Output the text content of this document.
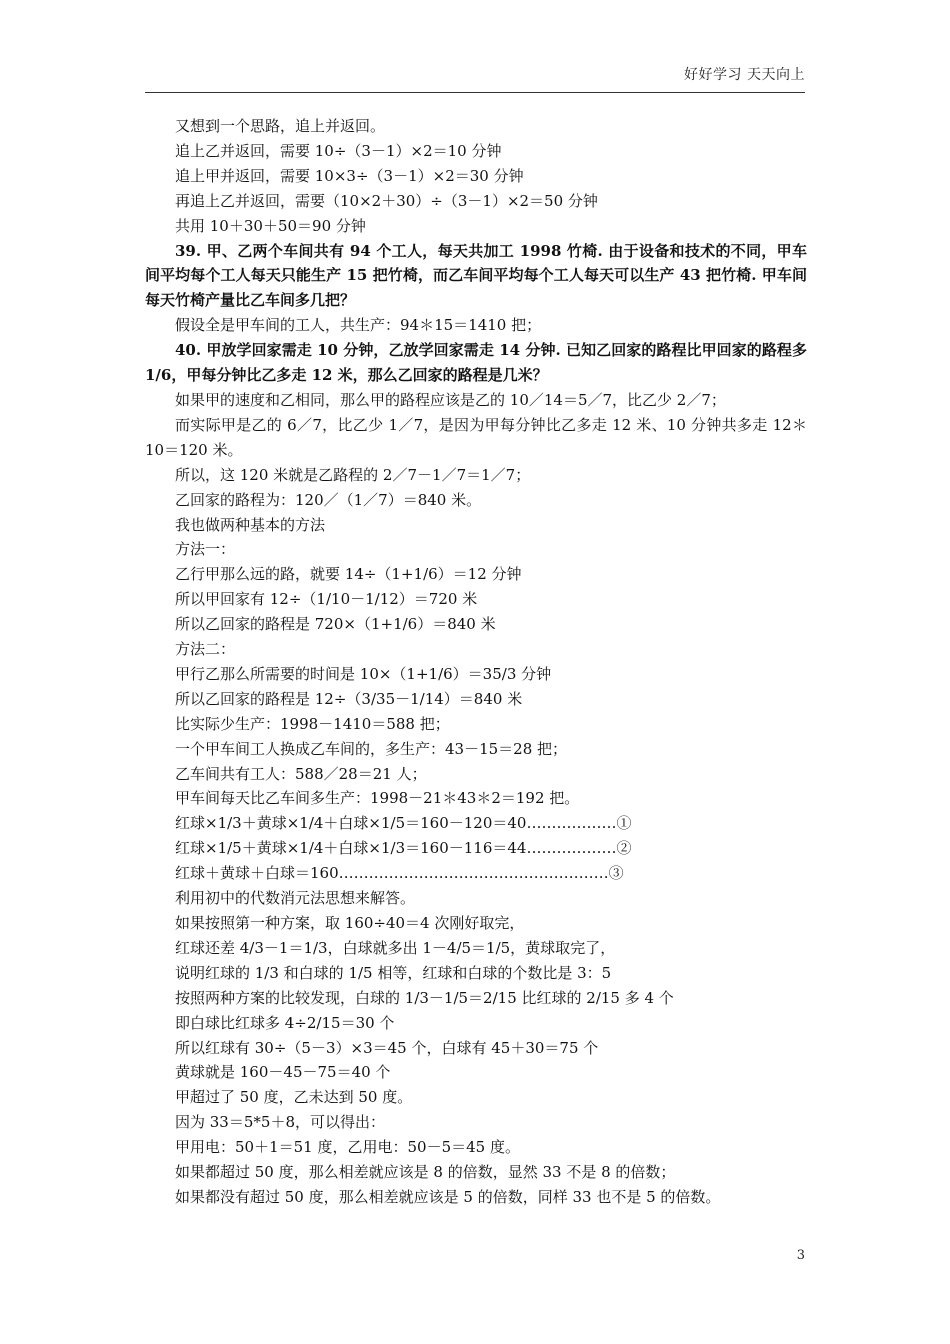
好好学习 天天向上
又想到一个思路，追上并返回。
追上乙并返回，需要 10÷（3－1）×2＝10 分钟
追上甲并返回，需要 10×3÷（3－1）×2＝30 分钟
再追上乙并返回，需要（10×2＋30）÷（3－1）×2＝50 分钟
共用 10＋30＋50＝90 分钟
39. 甲、乙两个车间共有 94 个工人，每天共加工 1998 竹椅. 由于设备和技术的不同，甲车间平均每个工人每天只能生产 15 把竹椅，而乙车间平均每个工人每天可以生产 43 把竹椅. 甲车间每天竹椅产量比乙车间多几把？
假设全是甲车间的工人，共生产：94＊15＝1410 把；
40. 甲放学回家需走 10 分钟，乙放学回家需走 14 分钟. 已知乙回家的路程比甲回家的路程多 1/6，甲每分钟比乙多走 12 米，那么乙回家的路程是几米？
如果甲的速度和乙相同，那么甲的路程应该是乙的 10／14＝5／7，比乙少 2／7；
而实际甲是乙的 6／7，比乙少 1／7，是因为甲每分钟比乙多走 12 米、10 分钟共多走 12＊10＝120 米。
所以，这 120 米就是乙路程的 2／7－1／7＝1／7；
乙回家的路程为：120／（1／7）＝840 米。
我也做两种基本的方法
方法一：
乙行甲那么远的路，就要 14÷（1+1/6）＝12 分钟
所以甲回家有 12÷（1/10－1/12）＝720 米
所以乙回家的路程是 720×（1+1/6）＝840 米
方法二：
甲行乙那么所需要的时间是 10×（1+1/6）＝35/3 分钟
所以乙回家的路程是 12÷（3/35－1/14）＝840 米
比实际少生产：1998－1410＝588 把；
一个甲车间工人换成乙车间的，多生产：43－15＝28 把；
乙车间共有工人：588／28＝21 人；
甲车间每天比乙车间多生产：1998－21＊43＊2＝192 把。
红球×1/3＋黄球×1/4＋白球×1/5＝160－120＝40………………①
红球×1/5＋黄球×1/4＋白球×1/3＝160－116＝44………………②
红球＋黄球＋白球＝160………………………………………………③
利用初中的代数消元法思想来解答。
如果按照第一种方案，取 160÷40＝4 次刚好取完，
红球还差 4/3－1＝1/3，白球就多出 1－4/5＝1/5，黄球取完了，
说明红球的 1/3 和白球的 1/5 相等，红球和白球的个数比是 3：5
按照两种方案的比较发现，白球的 1/3－1/5＝2/15 比红球的 2/15 多 4 个
即白球比红球多 4÷2/15＝30 个
所以红球有 30÷（5－3）×3＝45 个，白球有 45＋30＝75 个
黄球就是 160－45－75＝40 个
甲超过了 50 度，乙未达到 50 度。
因为 33＝5*5＋8，可以得出：
甲用电：50＋1＝51 度，乙用电：50－5＝45 度。
如果都超过 50 度，那么相差就应该是 8 的倍数，显然 33 不是 8 的倍数；
如果都没有超过 50 度，那么相差就应该是 5 的倍数，同样 33 也不是 5 的倍数。
3
